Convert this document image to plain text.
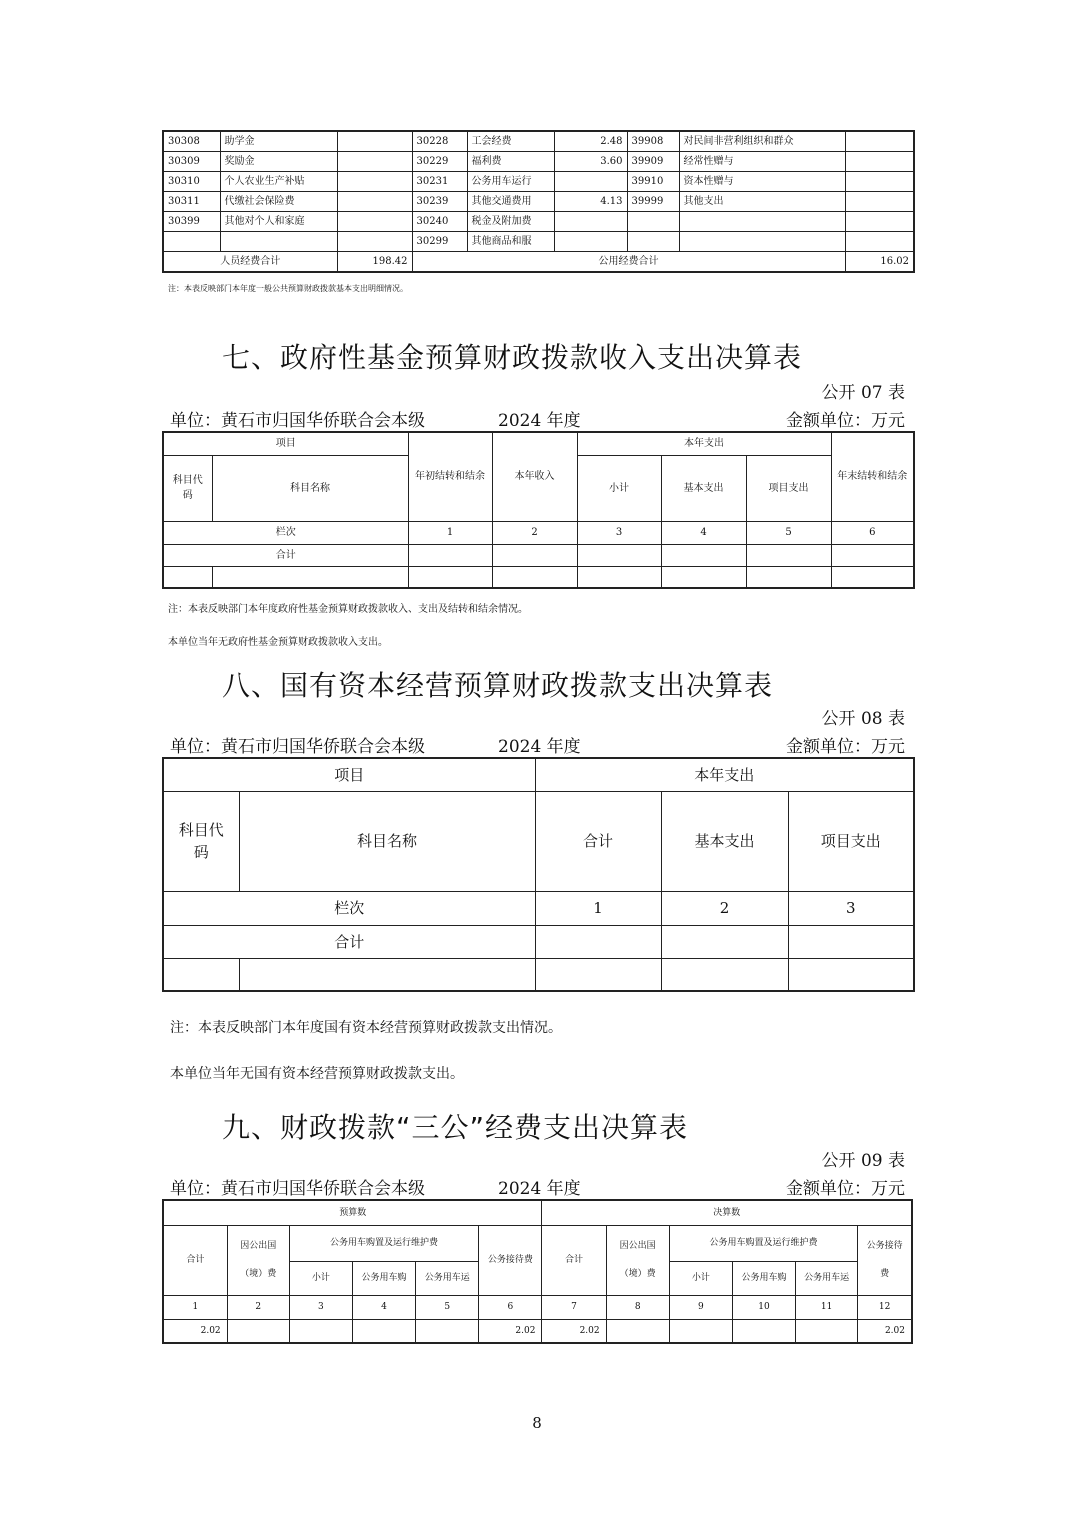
30308	助学金		30228	工会经费	2.48	39908	对民间非营利组织和群众	
30309	奖励金		30229	福利费	3.60	39909	经常性赠与	
30310	个人农业生产补贴		30231	公务用车运行		39910	资本性赠与	
30311	代缴社会保险费		30239	其他交通费用	4.13	39999	其他支出	
30399	其他对个人和家庭		30240	税金及附加费				
			30299	其他商品和服				
人员经费合计		198.42	公用经费合计					16.02
注：本表反映部门本年度一般公共预算财政拨款基本支出明细情况。
七、政府性基金预算财政拨款收入支出决算表
公开 07 表
单位：黄石市归国华侨联合会本级	2024 年度	金额单位：万元
项目		年初结转和结余	本年收入	本年支出			年末结转和结余
科目代码	科目名称			小计	基本支出	项目支出	
栏次		1	2	3	4	5	6
合计							

注：本表反映部门本年度政府性基金预算财政拨款收入、支出及结转和结余情况。
本单位当年无政府性基金预算财政拨款收入支出。
八、国有资本经营预算财政拨款支出决算表
公开 08 表
单位：黄石市归国华侨联合会本级	2024 年度	金额单位：万元
项目		本年支出		
科目代码	科目名称	合计	基本支出	项目支出
栏次		1	2	3
合计				

注：本表反映部门本年度国有资本经营预算财政拨款支出情况。
本单位当年无国有资本经营预算财政拨款支出。
九、财政拨款“三公”经费支出决算表
公开 09 表
单位：黄石市归国华侨联合会本级	2024 年度	金额单位：万元
预算数						决算数					
合计	因公出国（境）费	公务用车购置及运行维护费			公务接待费	合计	因公出国（境）费	公务用车购置及运行维护费			公务接待费
		小计	公务用车购	公务用车运				小计	公务用车购	公务用车运	
1	2	3	4	5	6	7	8	9	10	11	12
2.02					2.02	2.02					2.02
8
